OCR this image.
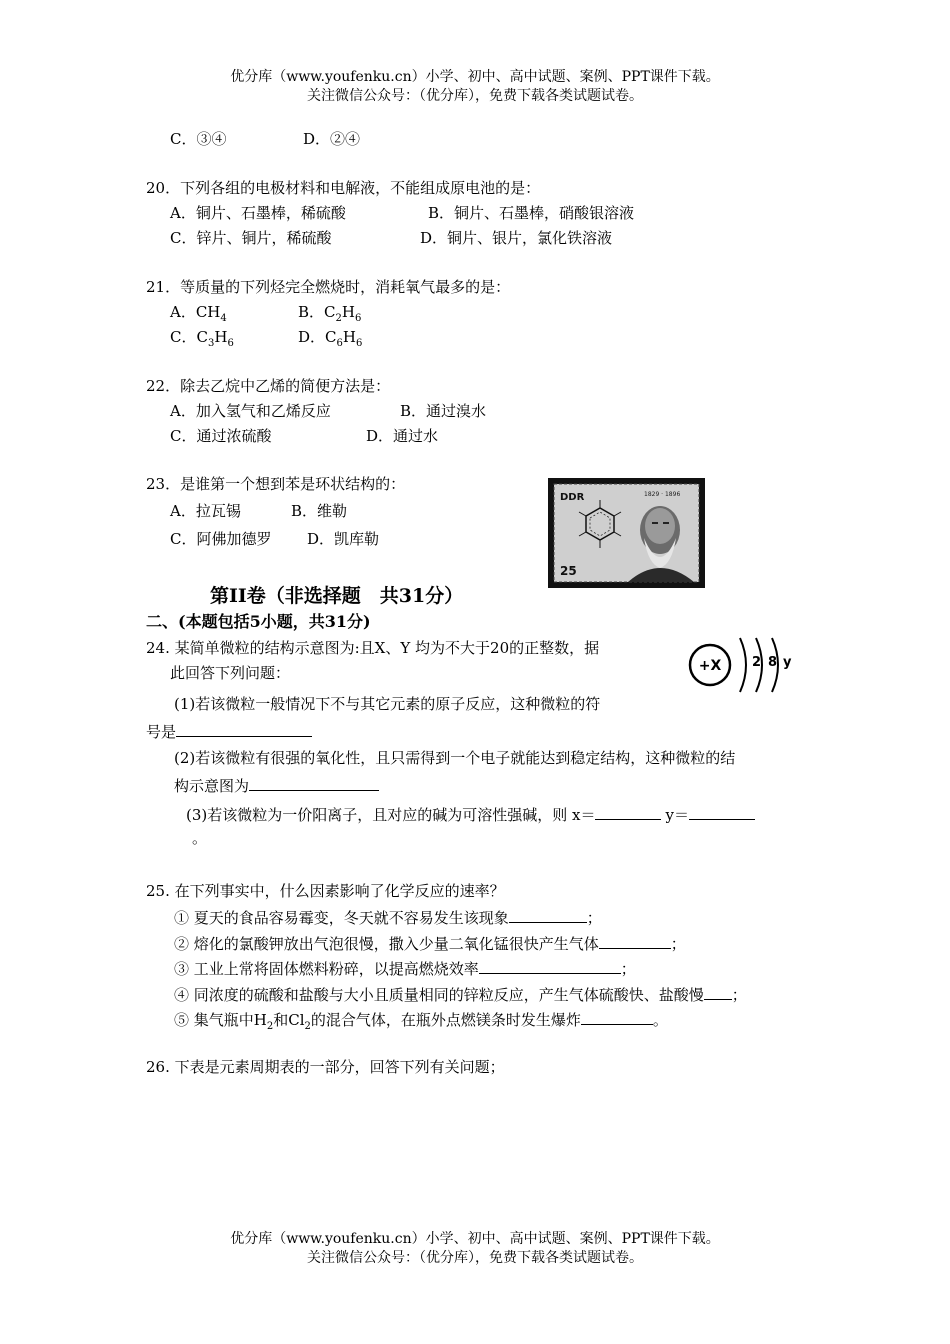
优分库（www.youfenku.cn）小学、初中、高中试题、案例、PPT课件下载。
关注微信公众号：（优分库），免费下载各类试题试卷。
C．③④	D．②④
20．下列各组的电极材料和电解液，不能组成原电池的是：
A．铜片、石墨棒，稀硫酸	B．铜片、石墨棒，硝酸银溶液
C．锌片、铜片，稀硫酸	D．铜片、银片，氯化铁溶液
21．等质量的下列烃完全燃烧时，消耗氧气最多的是：
A．$CH_4$	B．$C_2H_6$
C．$C_3H_6$	D．$C_6H_6$
22．除去乙烷中乙烯的简便方法是：
A．加入氢气和乙烯反应	B．通过溴水
C．通过浓硫酸	D．通过水
23．是谁第一个想到苯是环状结构的：
A．拉瓦锡	B．维勒
C．阿佛加德罗 D．凯库勒
DDR	1829 · 1896
25
第II卷（非选择题　共31分）
二、(本题包括5小题，共31分)
24. 某简单微粒的结构示意图为:且X、Y 均为不大于20的正整数，据
此回答下列问题：	+X 2 8 y
(1)若该微粒一般情况下不与其它元素的原子反应，这种微粒的符
号是
(2)若该微粒有很强的氧化性，且只需得到一个电子就能达到稳定结构，这种微粒的结
构示意图为
(3)若该微粒为一价阳离子，且对应的碱为可溶性强碱，则 x＝	y＝
。
25. 在下列事实中，什么因素影响了化学反应的速率？
① 夏天的食品容易霉变，冬天就不容易发生该现象	；
② 熔化的氯酸钾放出气泡很慢，撒入少量二氧化锰很快产生气体	；
③ 工业上常将固体燃料粉碎，以提高燃烧效率	；
④ 同浓度的硫酸和盐酸与大小且质量相同的锌粒反应，产生气体硫酸快、盐酸慢 ；
⑤ 集气瓶中$H_2$和$Cl_2$的混合气体，在瓶外点燃镁条时发生爆炸	。
26. 下表是元素周期表的一部分，回答下列有关问题；
优分库（www.youfenku.cn）小学、初中、高中试题、案例、PPT课件下载。
关注微信公众号：（优分库），免费下载各类试题试卷。
